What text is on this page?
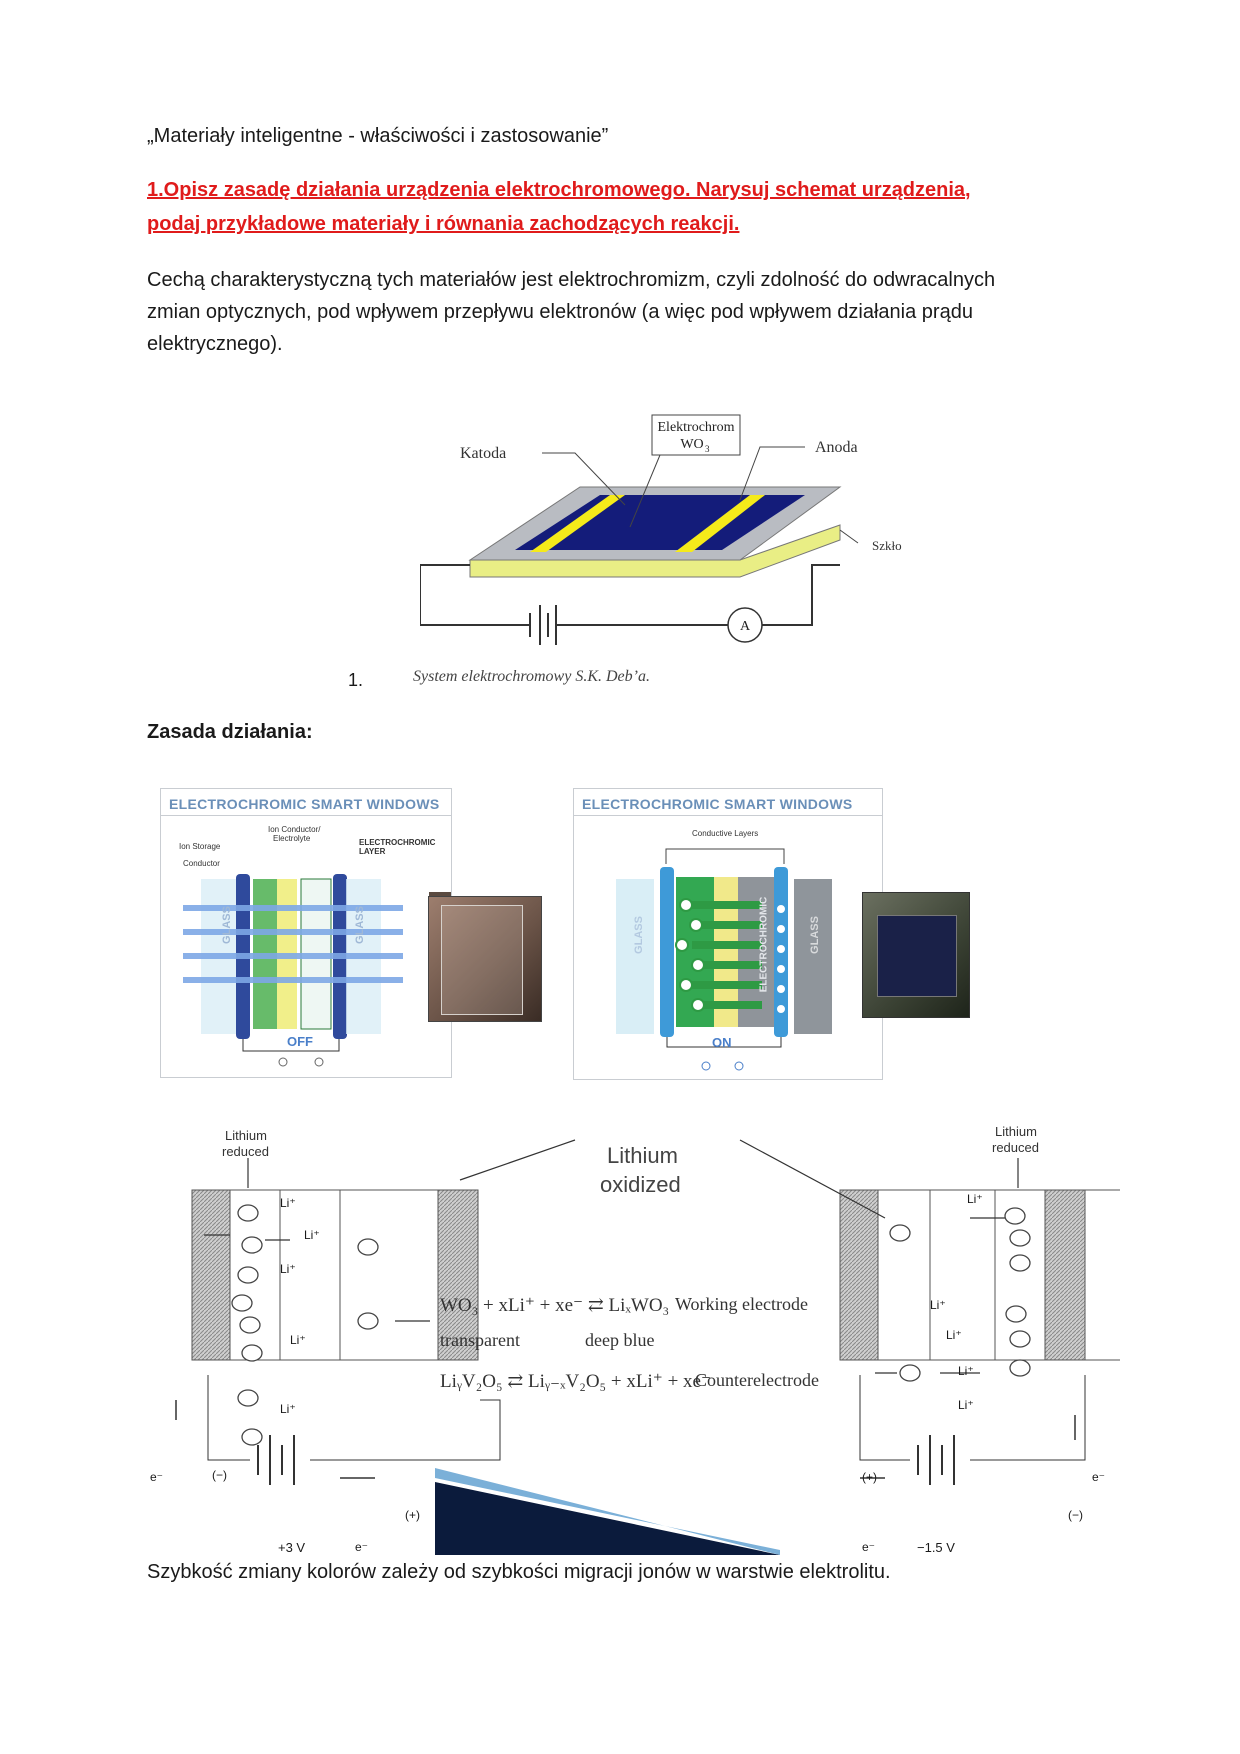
„Materiały inteligentne - właściwości i zastosowanie”
1.Opisz zasadę działania urządzenia elektrochromowego. Narysuj schemat urządzenia,
podaj przykładowe materiały i równania zachodzących reakcji.
Cechą charakterystyczną tych materiałów jest elektrochromizm, czyli zdolność do odwracalnych
zmian optycznych, pod wpływem przepływu elektronów (a więc pod wpływem działania prądu
elektrycznego).
A
Elektrochrom
WO 3
Katoda	Anoda
Szkło
1.	System elektrochromowy S.K. Deb’a.
Zasada działania:
ELECTROCHROMIC SMART WINDOWS
Ion Conductor/
Electrolyte
Ion Storage
Conductor
ELECTROCHROMIC
LAYER
GLASS	GLASS
OFF
ELECTROCHROMIC SMART WINDOWS
Conductive Layers
GLASS	GLASS
ELECTROCHROMIC
ON
Lithium
reduced
Lithium
reduced
Lithium
oxidized
Li⁺
Li⁺
Li⁺
Li⁺
Li⁺
Li⁺
Li⁺
Li⁺
Li⁺
Li⁺
WO₃ + xLi⁺ + xe⁻ ⇄ LiₓWO₃ Working electrode
transparent	deep blue
LiᵧV₂O₅ ⇄ Liᵧ₋ₓV₂O₅ + xLi⁺ + xe⁻
Counterelectrode
(−)
(+)
e⁻
e⁻
+3 V
(+)
(−)
e⁻
e⁻	−1.5 V
Szybkość zmiany kolorów zależy od szybkości migracji jonów w warstwie elektrolitu.
